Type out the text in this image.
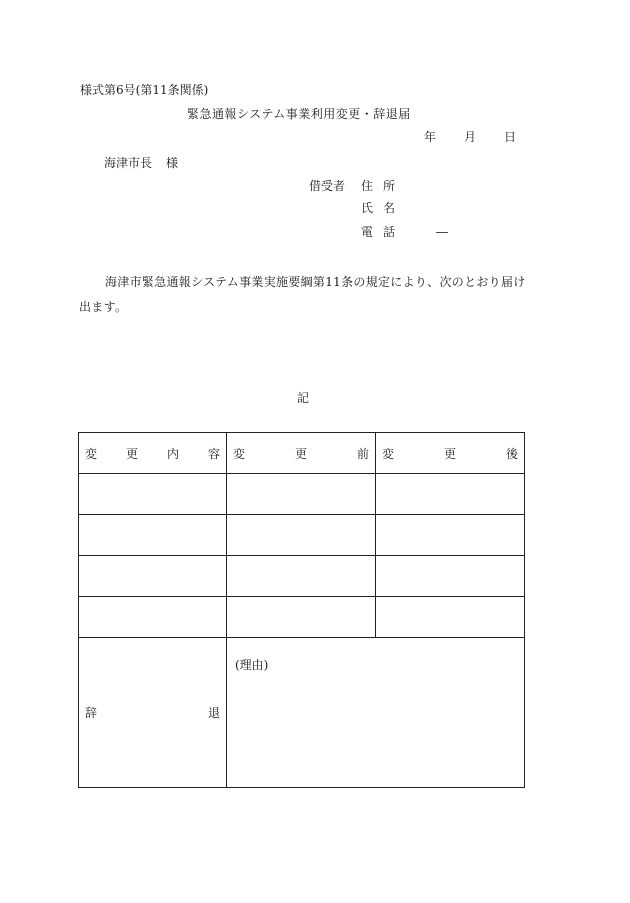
様式第6号(第11条関係)
緊急通報システム事業利用変更・辞退届
年	月	日
海津市長 様
借受者 住所
氏名
電話	―
海津市緊急通報システム事業実施要綱第11条の規定により、次のとおり届け出ます。
記
変 更 内 容	変 更 前	変 更 後

辞 退	(理由)	
